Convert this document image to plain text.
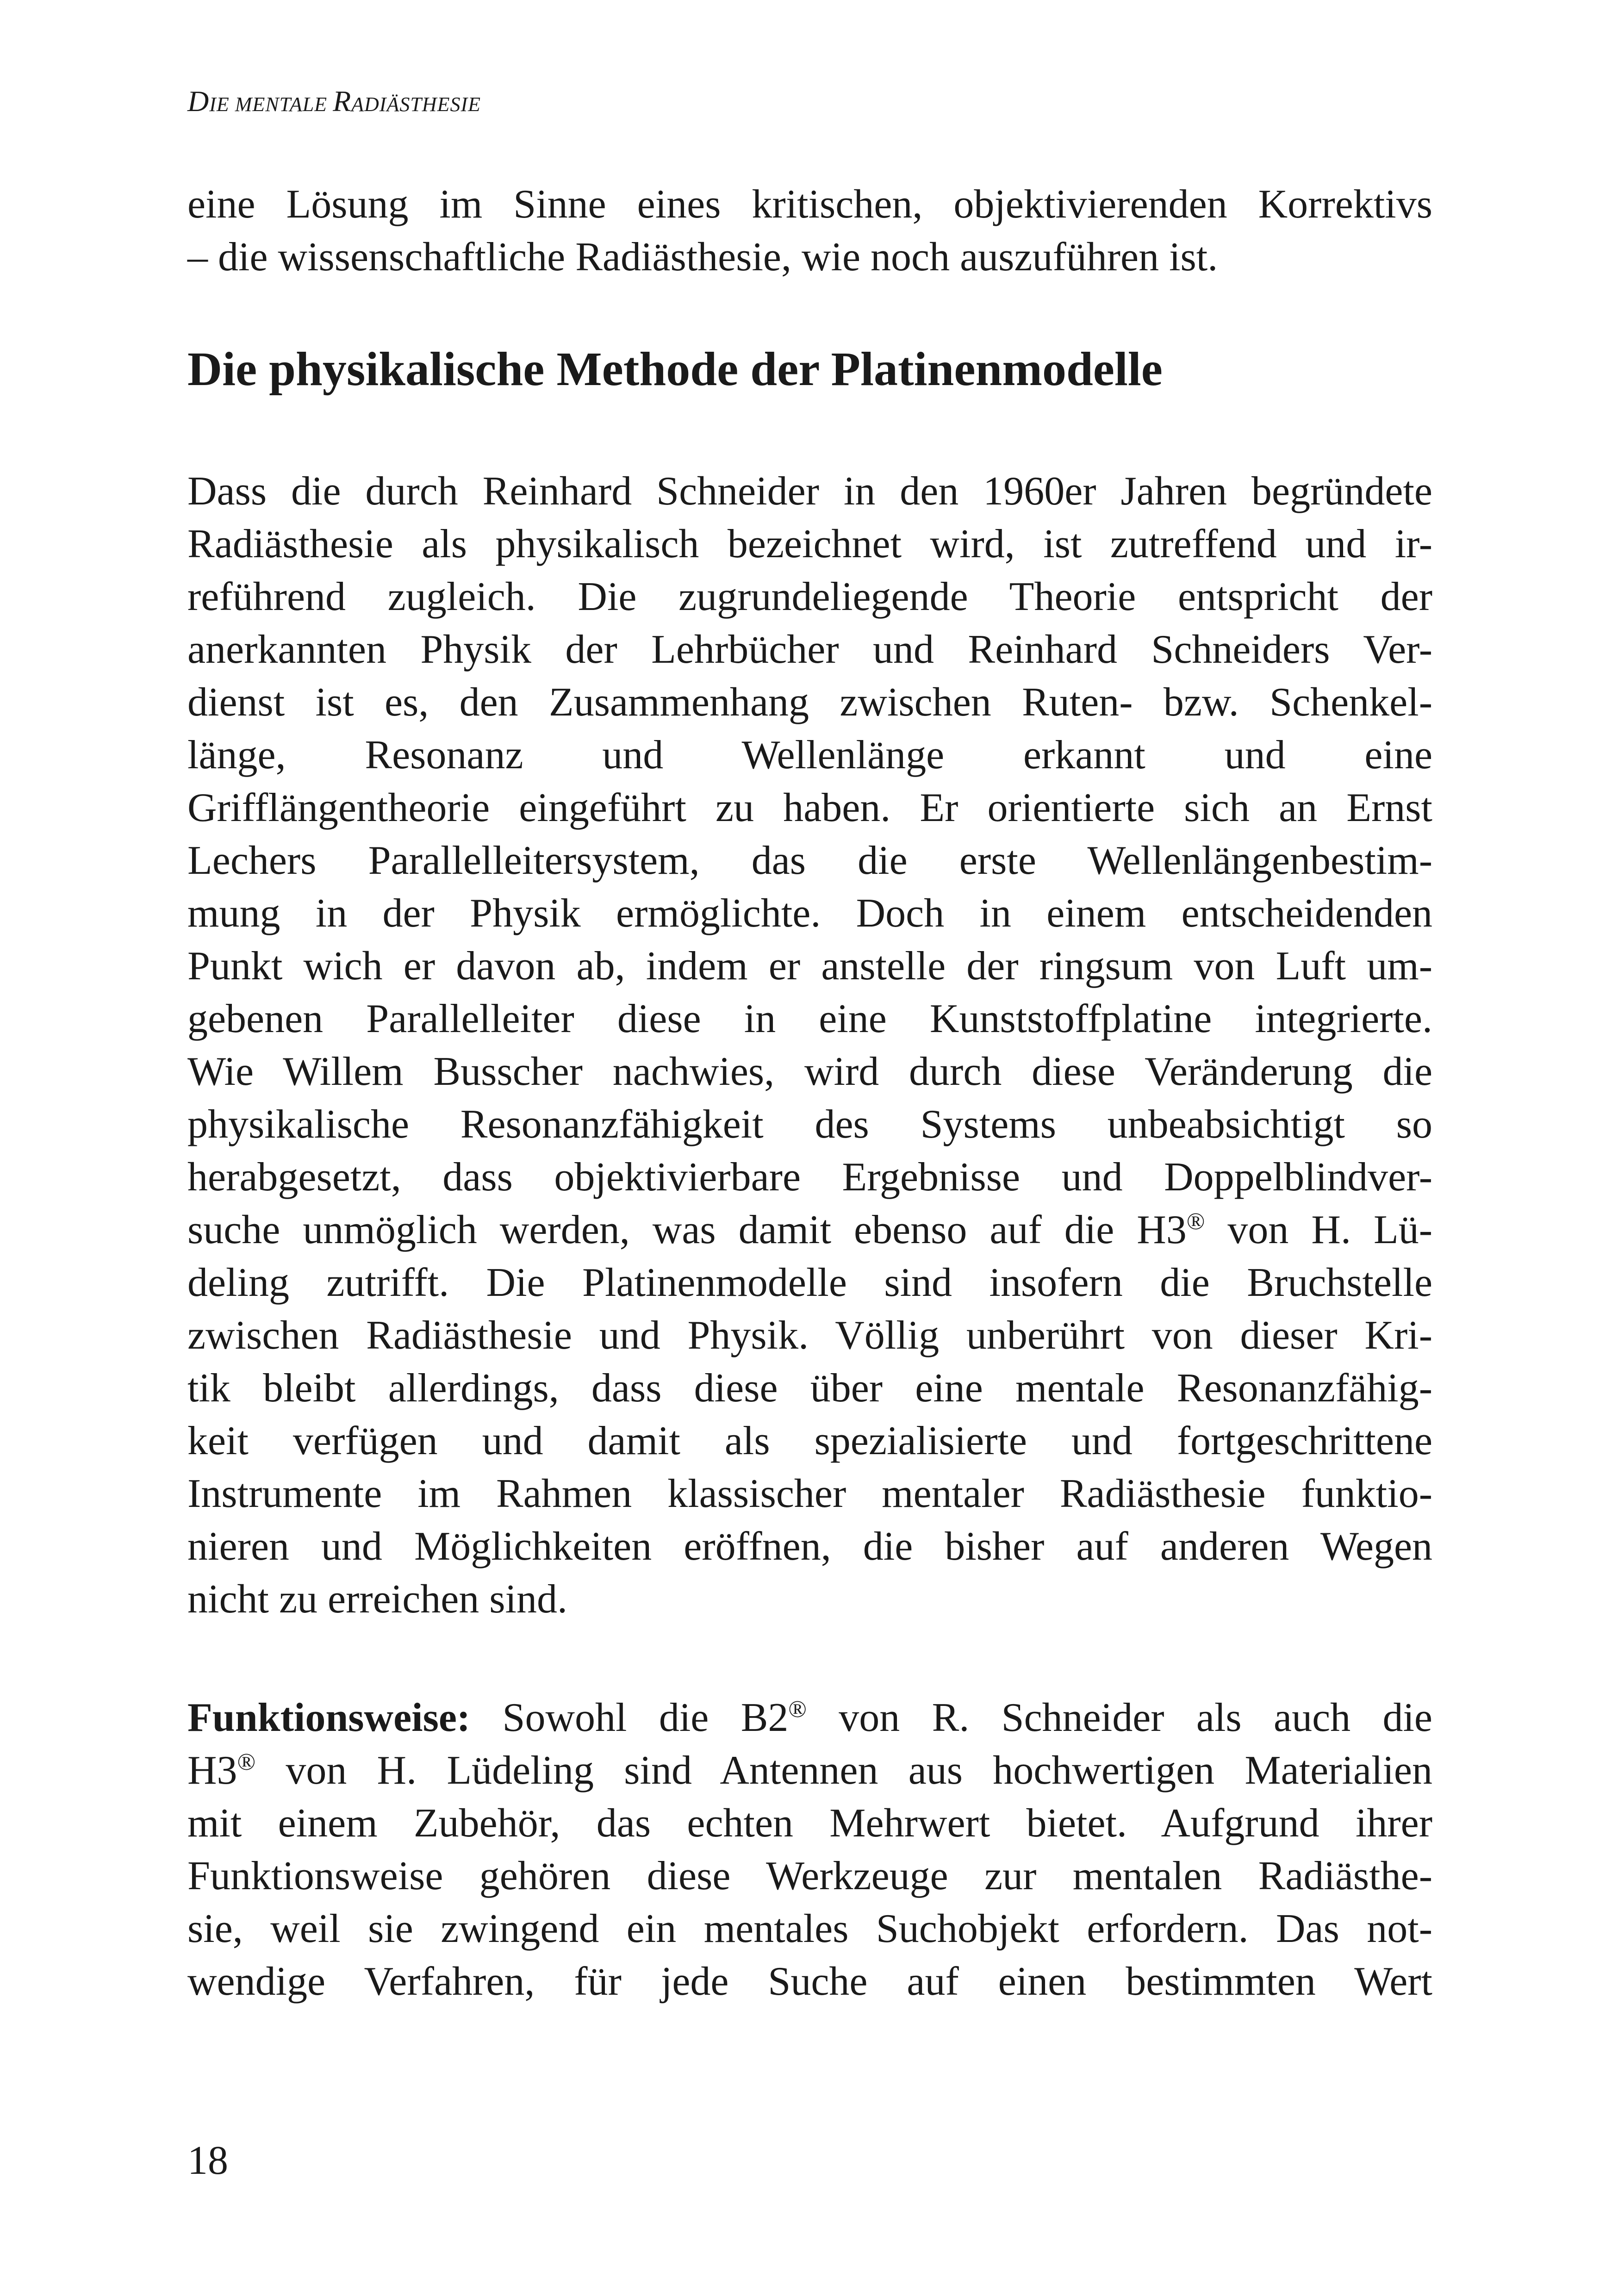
DIE MENTALE RADIÄSTHESIE
eine Lösung im Sinne eines kritischen, objektivierenden Korrektivs
– die wissenschaftliche Radiästhesie, wie noch auszuführen ist.
Die physikalische Methode der Platinenmodelle
Dass die durch Reinhard Schneider in den 1960er Jahren begründete
Radiästhesie als physikalisch bezeichnet wird, ist zutreffend und ir-
reführend zugleich. Die zugrundeliegende Theorie entspricht der
anerkannten Physik der Lehrbücher und Reinhard Schneiders Ver-
dienst ist es, den Zusammenhang zwischen Ruten- bzw. Schenkel-
länge, Resonanz und Wellenlänge erkannt und eine
Grifflängentheorie eingeführt zu haben. Er orientierte sich an Ernst
Lechers Parallelleitersystem, das die erste Wellenlängenbestim-
mung in der Physik ermöglichte. Doch in einem entscheidenden
Punkt wich er davon ab, indem er anstelle der ringsum von Luft um-
gebenen Parallelleiter diese in eine Kunststoffplatine integrierte.
Wie Willem Busscher nachwies, wird durch diese Veränderung die
physikalische Resonanzfähigkeit des Systems unbeabsichtigt so
herabgesetzt, dass objektivierbare Ergebnisse und Doppelblindver-
suche unmöglich werden, was damit ebenso auf die H3® von H. Lü-
deling zutrifft. Die Platinenmodelle sind insofern die Bruchstelle
zwischen Radiästhesie und Physik. Völlig unberührt von dieser Kri-
tik bleibt allerdings, dass diese über eine mentale Resonanzfähig-
keit verfügen und damit als spezialisierte und fortgeschrittene
Instrumente im Rahmen klassischer mentaler Radiästhesie funktio-
nieren und Möglichkeiten eröffnen, die bisher auf anderen Wegen
nicht zu erreichen sind.
Funktionsweise: Sowohl die B2® von R. Schneider als auch die
H3® von H. Lüdeling sind Antennen aus hochwertigen Materialien
mit einem Zubehör, das echten Mehrwert bietet. Aufgrund ihrer
Funktionsweise gehören diese Werkzeuge zur mentalen Radiästhe-
sie, weil sie zwingend ein mentales Suchobjekt erfordern. Das not-
wendige Verfahren, für jede Suche auf einen bestimmten Wert
18
